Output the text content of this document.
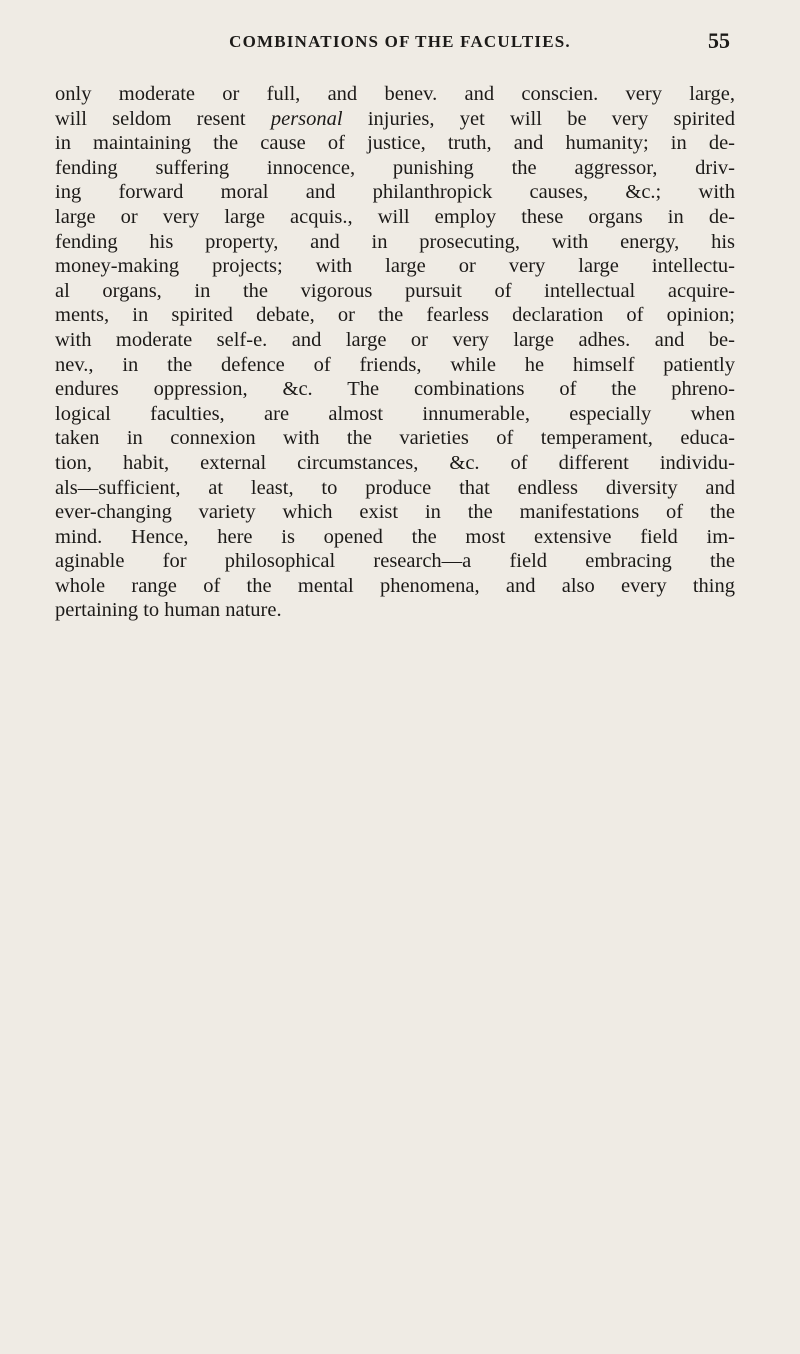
COMBINATIONS OF THE FACULTIES.	55
only moderate or full, and benev. and conscien. very large,
will seldom resent personal injuries, yet will be very spirited
in maintaining the cause of justice, truth, and humanity; in de-
fending suffering innocence, punishing the aggressor, driv-
ing forward moral and philanthropick causes, &c.; with
large or very large acquis., will employ these organs in de-
fending his property, and in prosecuting, with energy, his
money-making projects; with large or very large intellectu-
al organs, in the vigorous pursuit of intellectual acquire-
ments, in spirited debate, or the fearless declaration of opinion;
with moderate self-e. and large or very large adhes. and be-
nev., in the defence of friends, while he himself patiently
endures oppression, &c. The combinations of the phreno-
logical faculties, are almost innumerable, especially when
taken in connexion with the varieties of temperament, educa-
tion, habit, external circumstances, &c. of different individu-
als—sufficient, at least, to produce that endless diversity and
ever-changing variety which exist in the manifestations of the
mind. Hence, here is opened the most extensive field im-
aginable for philosophical research—a field embracing the
whole range of the mental phenomena, and also every thing
pertaining to human nature.
